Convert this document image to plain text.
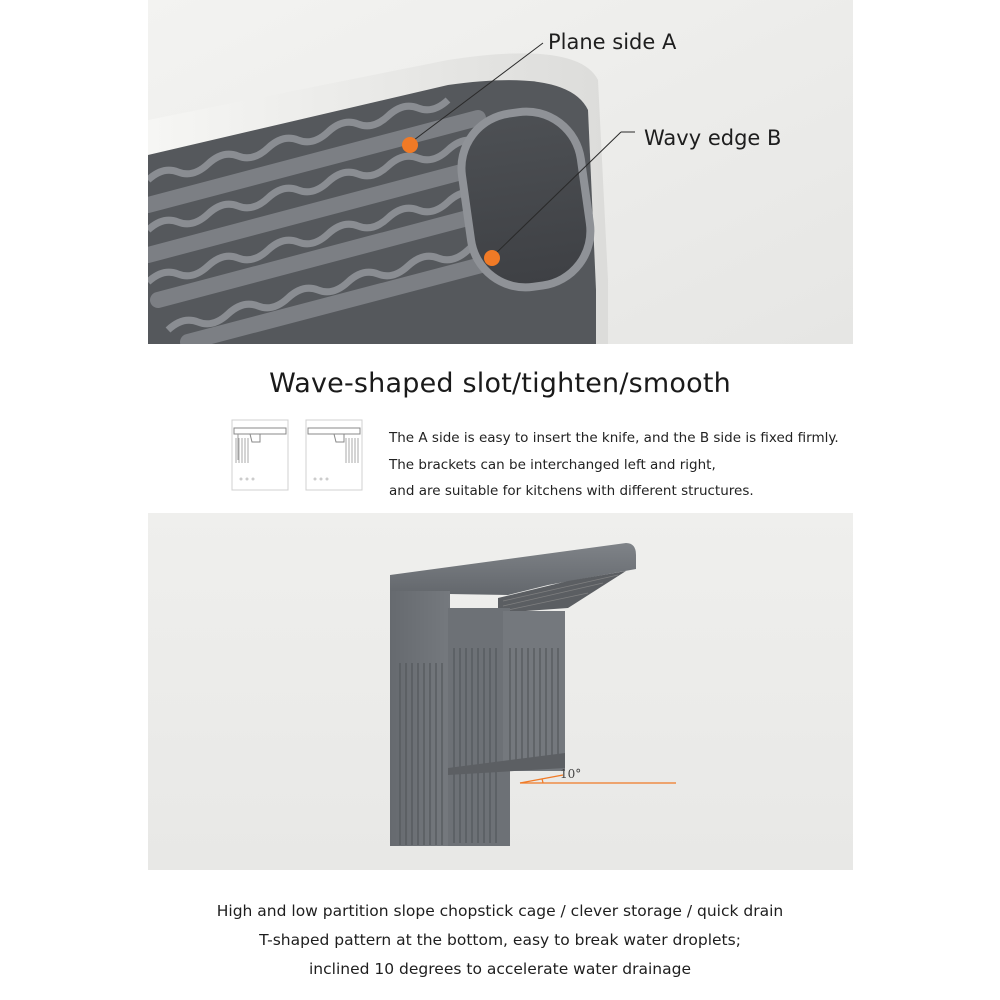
Plane side A
Wavy edge B
Wave-shaped slot/tighten/smooth
The A side is easy to insert the knife, and the B side is fixed firmly.
The brackets can be interchanged left and right,
and are suitable for kitchens with different structures.
10°
High and low partition slope chopstick cage / clever storage / quick drain
T-shaped pattern at the bottom, easy to break water droplets;
inclined 10 degrees to accelerate water drainage
